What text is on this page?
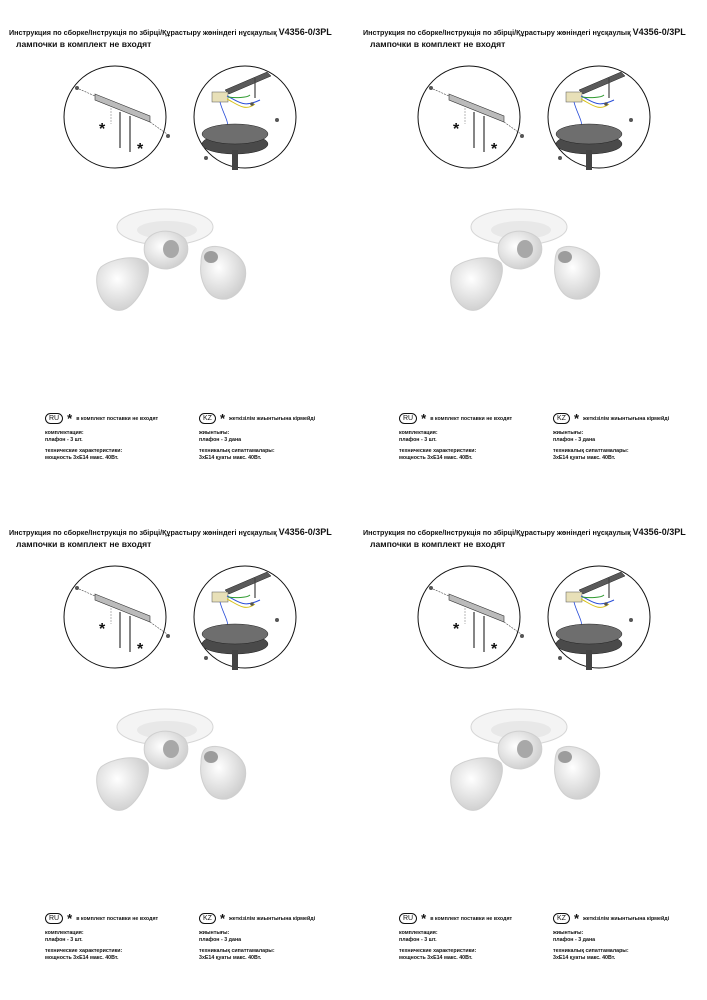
Инструкция по сборке/Інструкція по збірці/Құрастыру жөніндегі нұсқаулық V4356-0/3PL
лампочки в комплект не входят
*
*
RU * в комплект поставки не входят

комплектация:

плафон - 3 шт.

технические характеристики:

мощность 3хЕ14 макс. 40Вт.

KZ * жеткізілім жиынтығына кірмейді

жиынтығы:

плафон - 3 дана

техникалық сипаттамалары:

3хЕ14 қуаты макс. 40Вт.

Инструкция по сборке/Інструкція по збірці/Құрастыру жөніндегі нұсқаулық V4356-0/3PL
лампочки в комплект не входят
*
*
RU * в комплект поставки не входят

комплектация:

плафон - 3 шт.

технические характеристики:

мощность 3хЕ14 макс. 40Вт.

KZ * жеткізілім жиынтығына кірмейді

жиынтығы:

плафон - 3 дана

техникалық сипаттамалары:

3хЕ14 қуаты макс. 40Вт.

Инструкция по сборке/Інструкція по збірці/Құрастыру жөніндегі нұсқаулық V4356-0/3PL
лампочки в комплект не входят
*
*
RU * в комплект поставки не входят

комплектация:

плафон - 3 шт.

технические характеристики:

мощность 3хЕ14 макс. 40Вт.

KZ * жеткізілім жиынтығына кірмейді

жиынтығы:

плафон - 3 дана

техникалық сипаттамалары:

3хЕ14 қуаты макс. 40Вт.

Инструкция по сборке/Інструкція по збірці/Құрастыру жөніндегі нұсқаулық V4356-0/3PL
лампочки в комплект не входят
*
*
RU * в комплект поставки не входят

комплектация:

плафон - 3 шт.

технические характеристики:

мощность 3хЕ14 макс. 40Вт.

KZ * жеткізілім жиынтығына кірмейді

жиынтығы:

плафон - 3 дана

техникалық сипаттамалары:

3хЕ14 қуаты макс. 40Вт.
